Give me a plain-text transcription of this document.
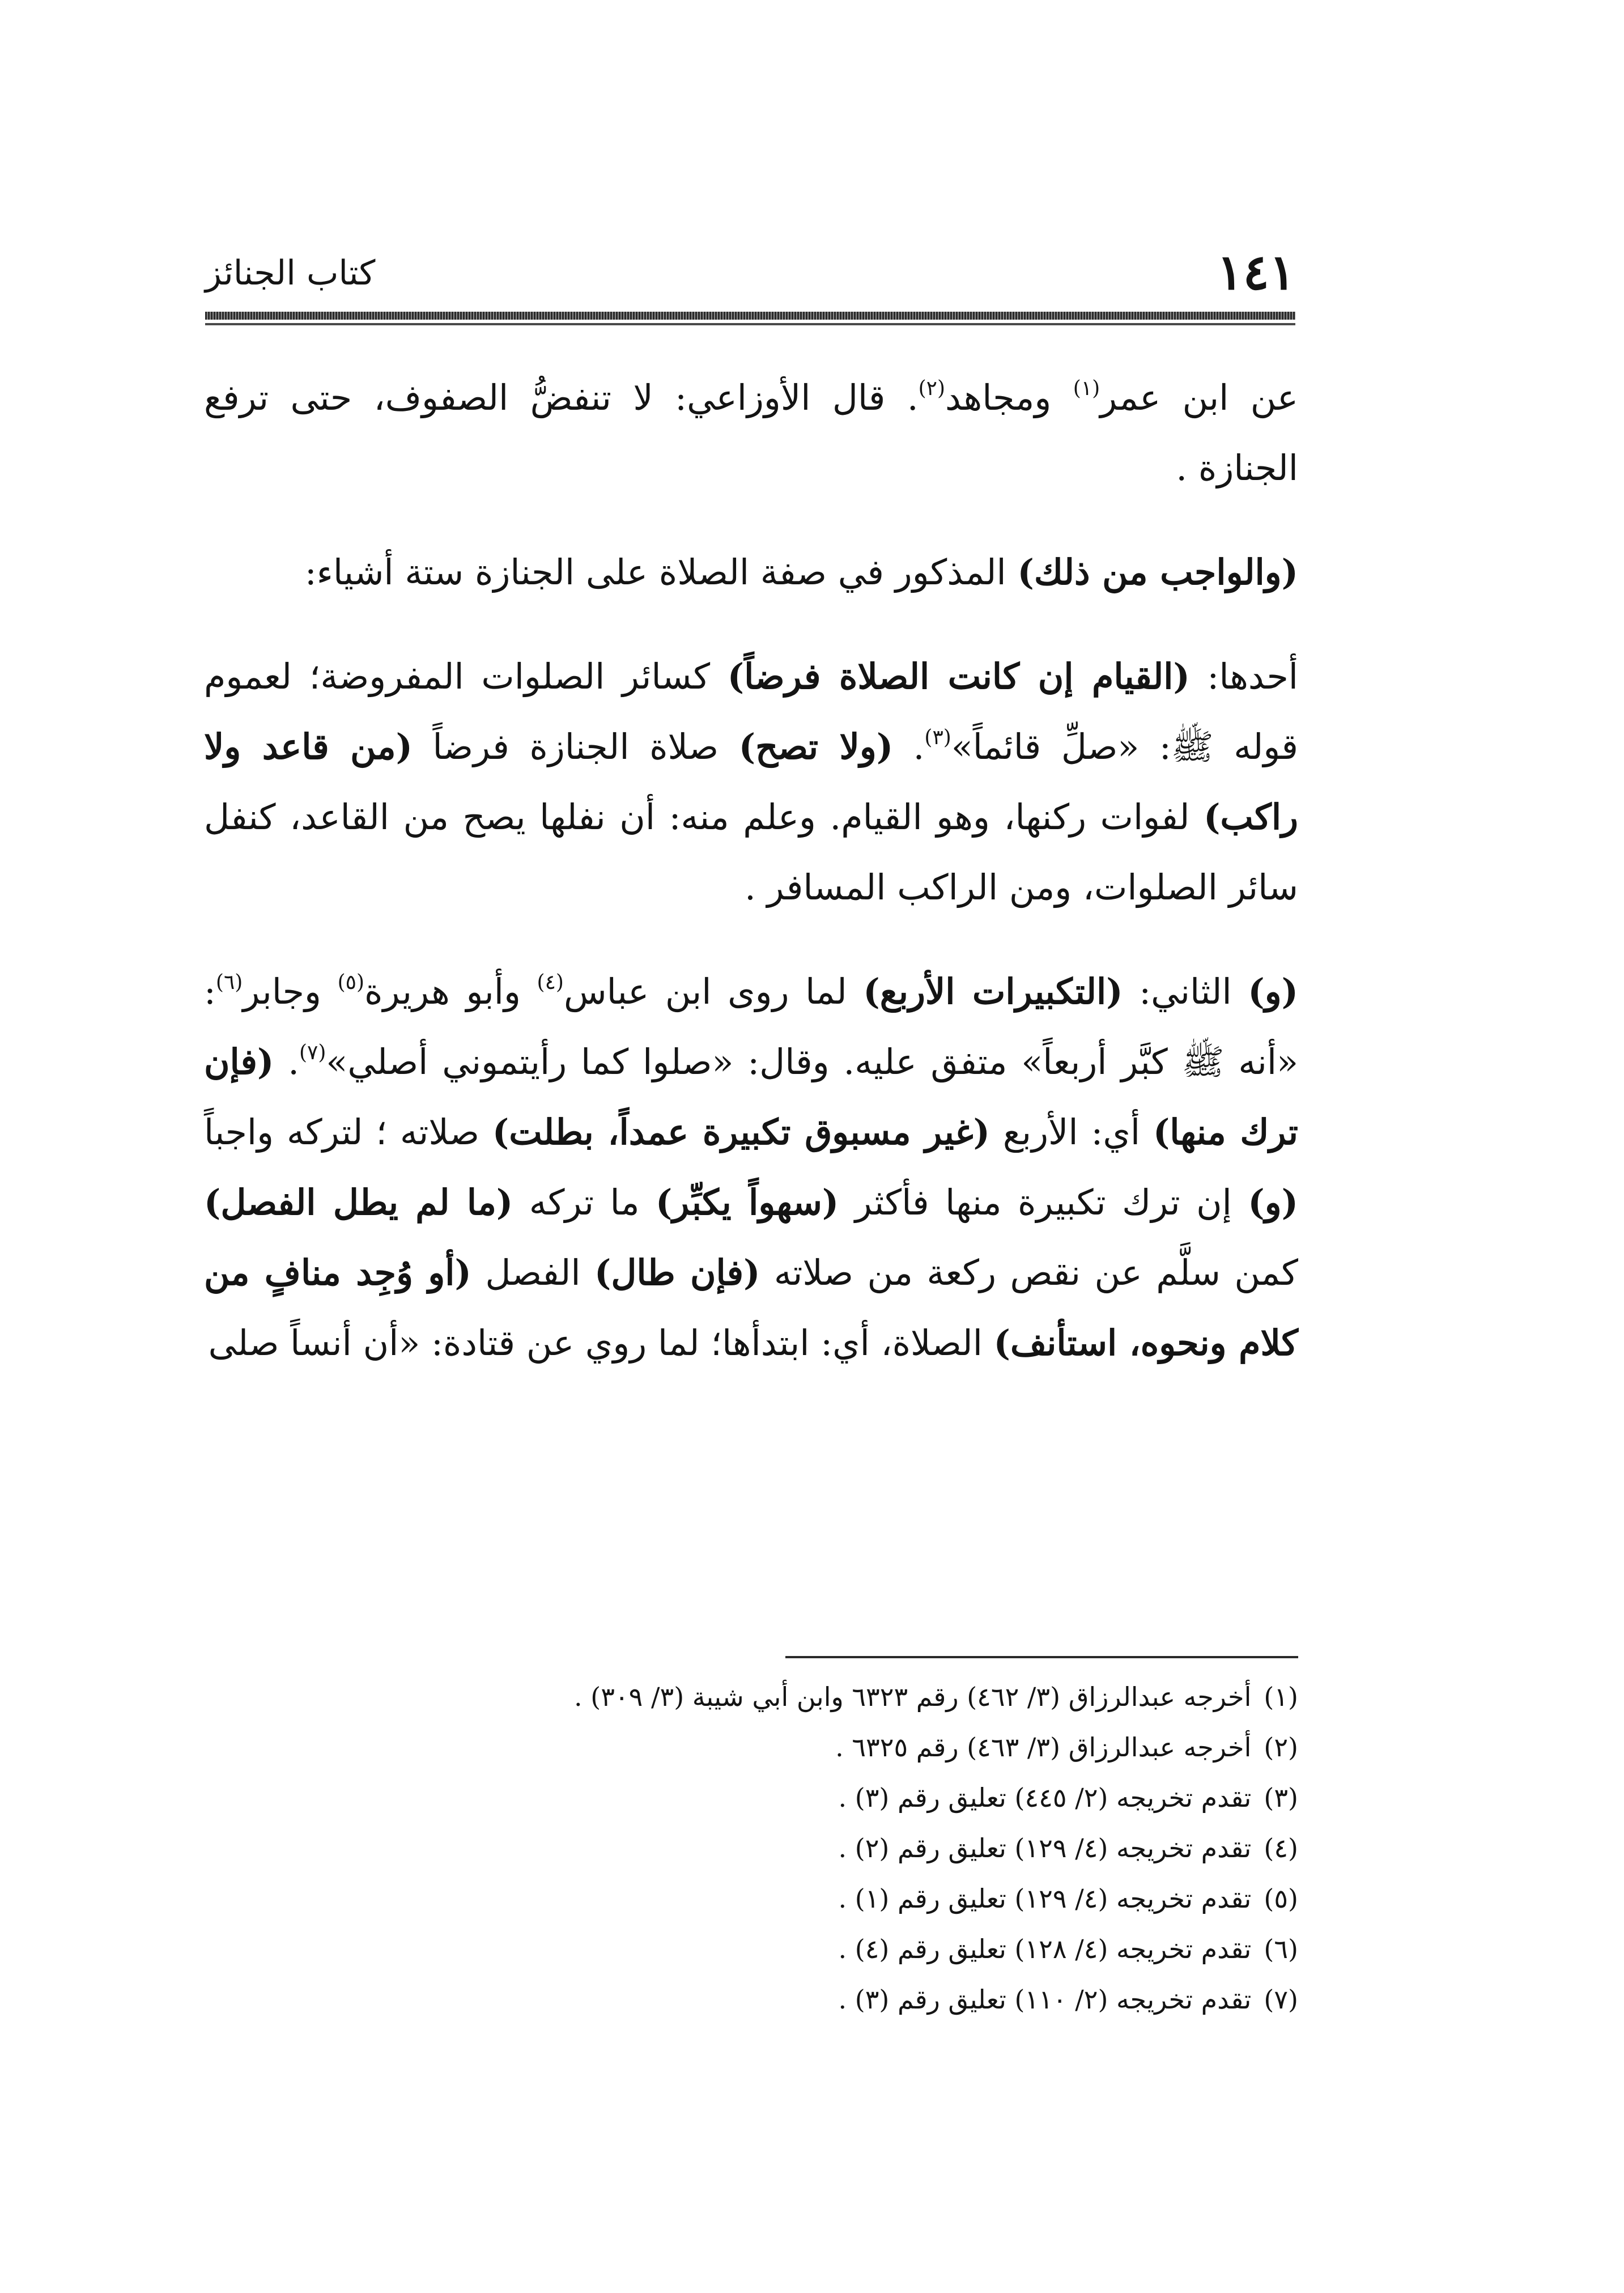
١٤١
كتاب الجنائز

عن ابن عمر$^{(١)}$ ومجاهد$^{(٢)}$. قال الأوزاعي: لا تنفضُّ الصفوف، حتى ترفع الجنازة .

(والواجب من ذلك) المذكور في صفة الصلاة على الجنازة ستة أشياء:

أحدها: (القيام إن كانت الصلاة فرضاً) كسائر الصلوات المفروضة؛ لعموم قوله ﷺ: «صلِّ قائماً»$^{(٣)}$. (ولا تصح) صلاة الجنازة فرضاً (من قاعد ولا راكب) لفوات ركنها، وهو القيام. وعلم منه: أن نفلها يصح من القاعد، كنفل سائر الصلوات، ومن الراكب المسافر .

(و) الثاني: (التكبيرات الأربع) لما روى ابن عباس$^{(٤)}$ وأبو هريرة$^{(٥)}$ وجابر$^{(٦)}$: «أنه ﷺ كبَّر أربعاً» متفق عليه. وقال: «صلوا كما رأيتموني أصلي»$^{(٧)}$. (فإن ترك منها) أي: الأربع (غير مسبوق تكبيرة عمداً، بطلت) صلاته ؛ لتركه واجباً (و) إن ترك تكبيرة منها فأكثر (سهواً يكبِّر) ما تركه (ما لم يطل الفصل) كمن سلَّم عن نقص ركعة من صلاته (فإن طال) الفصل (أو وُجِد منافٍ من كلام ونحوه، استأنف) الصلاة، أي: ابتدأها؛ لما روي عن قتادة: «أن أنساً صلى

(١)أخرجه عبدالرزاق (٣/ ٤٦٢) رقم ٦٣٢٣ وابن أبي شيبة (٣/ ٣٠٩) .
(٢)أخرجه عبدالرزاق (٣/ ٤٦٣) رقم ٦٣٢٥ .
(٣)تقدم تخريجه (٢/ ٤٤٥) تعليق رقم (٣) .
(٤)تقدم تخريجه (٤/ ١٢٩) تعليق رقم (٢) .
(٥)تقدم تخريجه (٤/ ١٢٩) تعليق رقم (١) .
(٦)تقدم تخريجه (٤/ ١٢٨) تعليق رقم (٤) .
(٧)تقدم تخريجه (٢/ ١١٠) تعليق رقم (٣) .
